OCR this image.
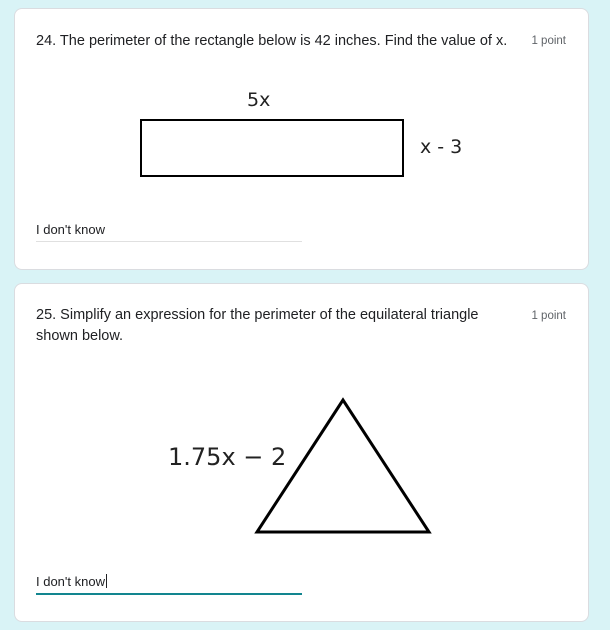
24. The perimeter of the rectangle below is 42 inches. Find the value of x.	1 point
5x
x - 3
I don't know
25. Simplify an expression for the perimeter of the equilateral triangle shown below.
1 point
1.75x − 2
I don't know
